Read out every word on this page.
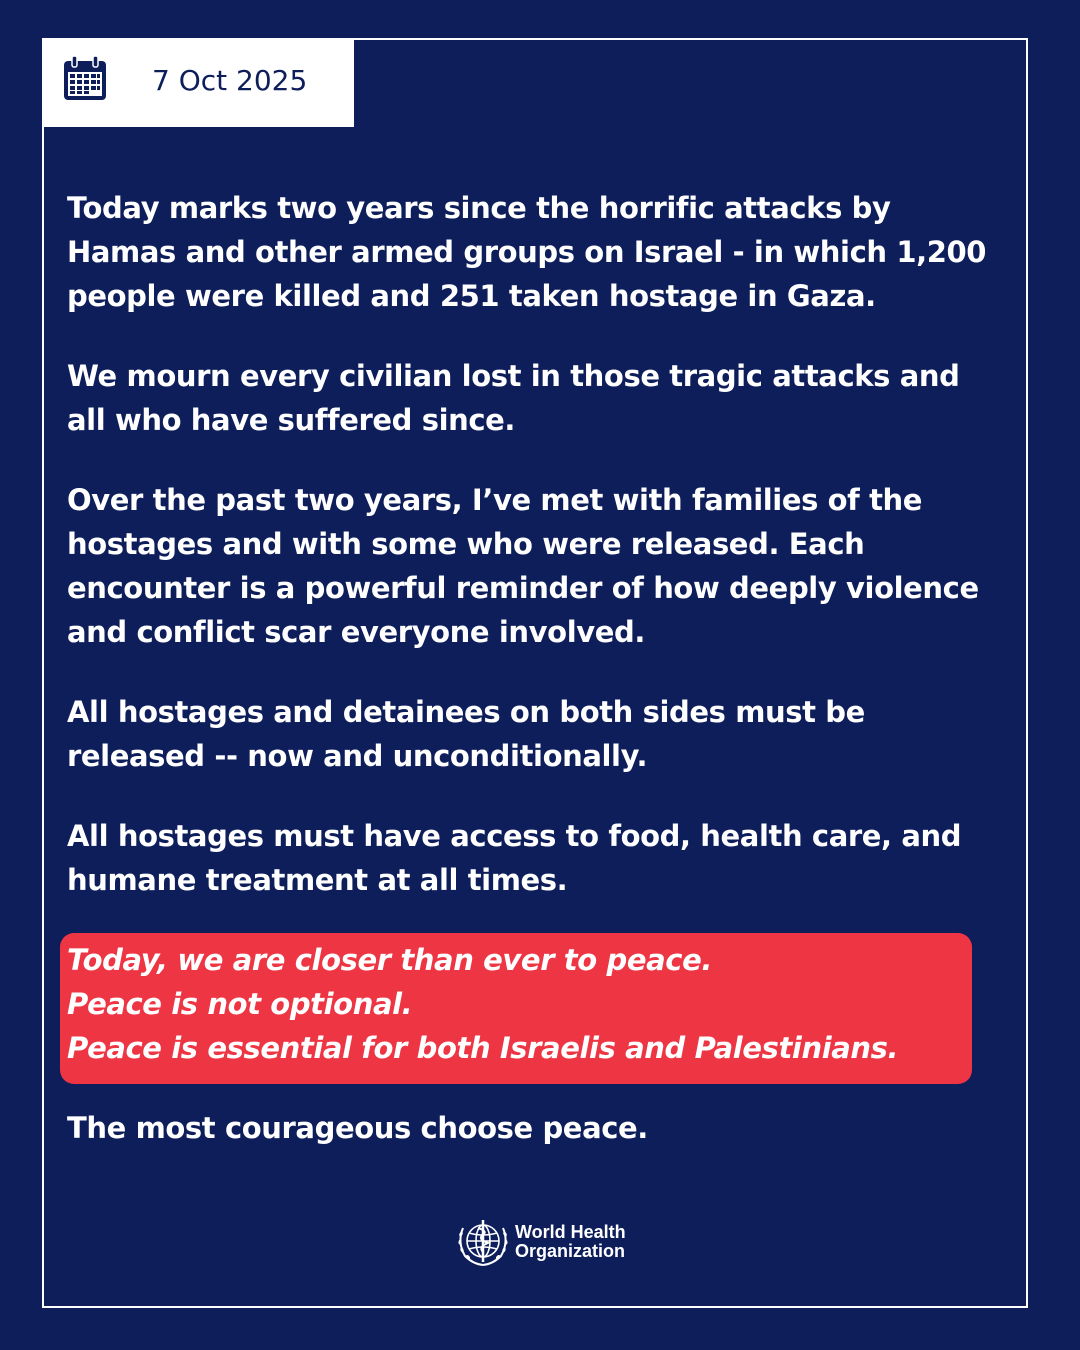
7 Oct 2025

Today marks two years since the horrific attacks by
Hamas and other armed groups on Israel - in which 1,200
people were killed and 251 taken hostage in Gaza.

We mourn every civilian lost in those tragic attacks and
all who have suffered since.

Over the past two years, I’ve met with families of the
hostages and with some who were released. Each
encounter is a powerful reminder of how deeply violence
and conflict scar everyone involved.

All hostages and detainees on both sides must be
released -- now and unconditionally.

All hostages must have access to food, health care, and
humane treatment at all times.

Today, we are closer than ever to peace.
Peace is not optional.
Peace is essential for both Israelis and Palestinians.
The most courageous choose peace.
World Health
Organization
